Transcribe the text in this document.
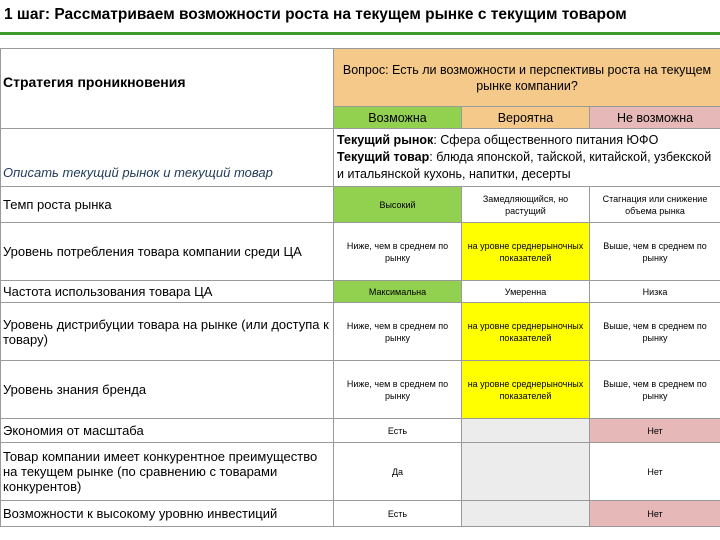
1 шаг: Рассматриваем возможности роста на текущем рынке с текущим товаром
Стратегия проникновения	Вопрос: Есть ли возможности и перспективы роста на текущем рынке компании?		
	Возможна	Вероятна	Не возможна
Описать текущий рынок и текущий товар	Текущий рынок: Сфера общественного питания ЮФО
Текущий товар: блюда японской, тайской, китайской, узбекской и итальянской кухонь, напитки, десерты		
Темп роста рынка	Высокий	Замедляющийся, но растущий	Стагнация или снижение объема рынка
Уровень потребления товара компании среди ЦА	Ниже, чем в среднем по рынку	на уровне среднерыночных показателей	Выше, чем в среднем по рынку
Частота использования товара ЦА	Максимальна	Умеренна	Низка
Уровень дистрибуции товара на рынке (или доступа к товару)	Ниже, чем в среднем по рынку	на уровне среднерыночных показателей	Выше, чем в среднем по рынку
Уровень знания бренда	Ниже, чем в среднем по рынку	на уровне среднерыночных показателей	Выше, чем в среднем по рынку
Экономия от масштаба	Есть		Нет
Товар компании имеет конкурентное преимущество на текущем рынке (по сравнению с товарами конкурентов)	Да		Нет
Возможности к высокому уровню инвестиций	Есть		Нет
